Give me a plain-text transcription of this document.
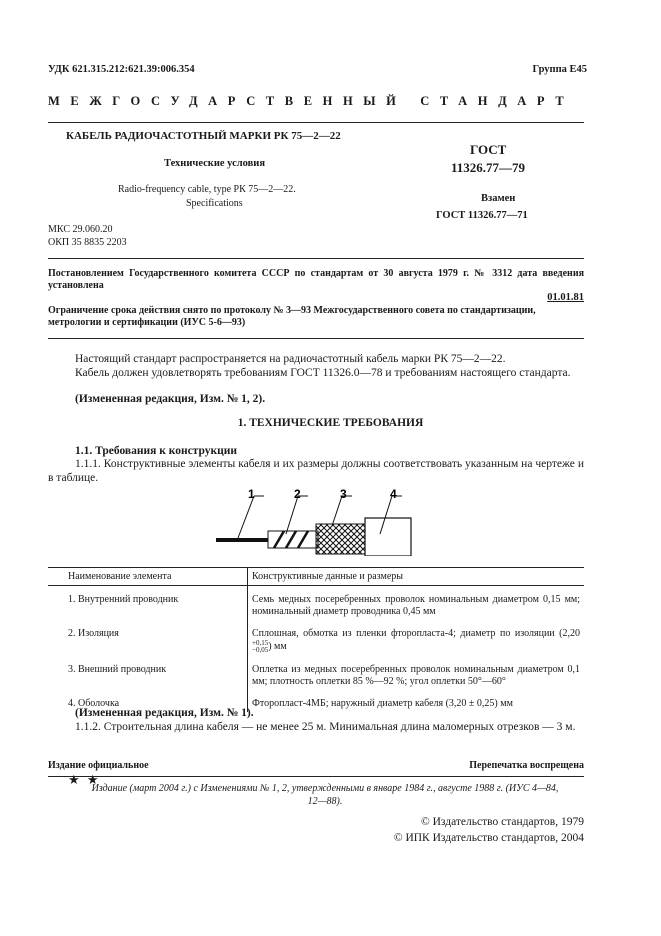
УДК 621.315.212:621.39:006.354	Группа Е45
МЕЖГОСУДАРСТВЕННЫЙ СТАНДАРТ
КАБЕЛЬ РАДИОЧАСТОТНЫЙ МАРКИ РК 75—2—22
Технические условия
Radio-frequency cable, type РК 75—2—22.
Specifications
ГОСТ
11326.77—79
Взамен
ГОСТ 11326.77—71
МКС 29.060.20
ОКП 35 8835 2203
Постановлением Государственного комитета СССР по стандартам от 30 августа 1979 г. № 3312 дата введения установлена
01.01.81
Ограничение срока действия снято по протоколу № 3—93 Межгосударственного совета по стандартизации, метрологии и сертификации (ИУС 5-6—93)
Настоящий стандарт распространяется на радиочастотный кабель марки РК 75—2—22.
Кабель должен удовлетворять требованиям ГОСТ 11326.0—78 и требованиям настоящего стандарта.
(Измененная редакция, Изм. № 1, 2).
1. ТЕХНИЧЕСКИЕ ТРЕБОВАНИЯ
1.1. Требования к конструкции
1.1.1. Конструктивные элементы кабеля и их размеры должны соответствовать указанным на чертеже и в таблице.
1	2	3	4
Наименование элемента	Конструктивные данные и размеры
1. Внутренний проводник	Семь медных посеребренных проволок номинальным диаметром 0,15 мм; номинальный диаметр проводника 0,45 мм
2. Изоляция	Сплошная, обмотка из пленки фторопласта-4; диаметр по изоляции (2,20
+0,15
−0,05 ) мм
3. Внешний проводник	Оплетка из медных посеребренных проволок номинальным диаметром 0,1 мм; плотность оплетки 85 %—92 %; угол оплетки 50°—60°
4. Оболочка	Фторопласт-4МБ; наружный диаметр кабеля (3,20 ± 0,25) мм
(Измененная редакция, Изм. № 1).
1.1.2. Строительная длина кабеля — не менее 25 м. Минимальная длина маломерных отрезков — 3 м.
Издание официальное	Перепечатка воспрещена
★ ★
Издание (март 2004 г.) с Изменениями № 1, 2, утвержденными в январе 1984 г., августе 1988 г. (ИУС 4—84, 12—88).
© Издательство стандартов, 1979
© ИПК Издательство стандартов, 2004
